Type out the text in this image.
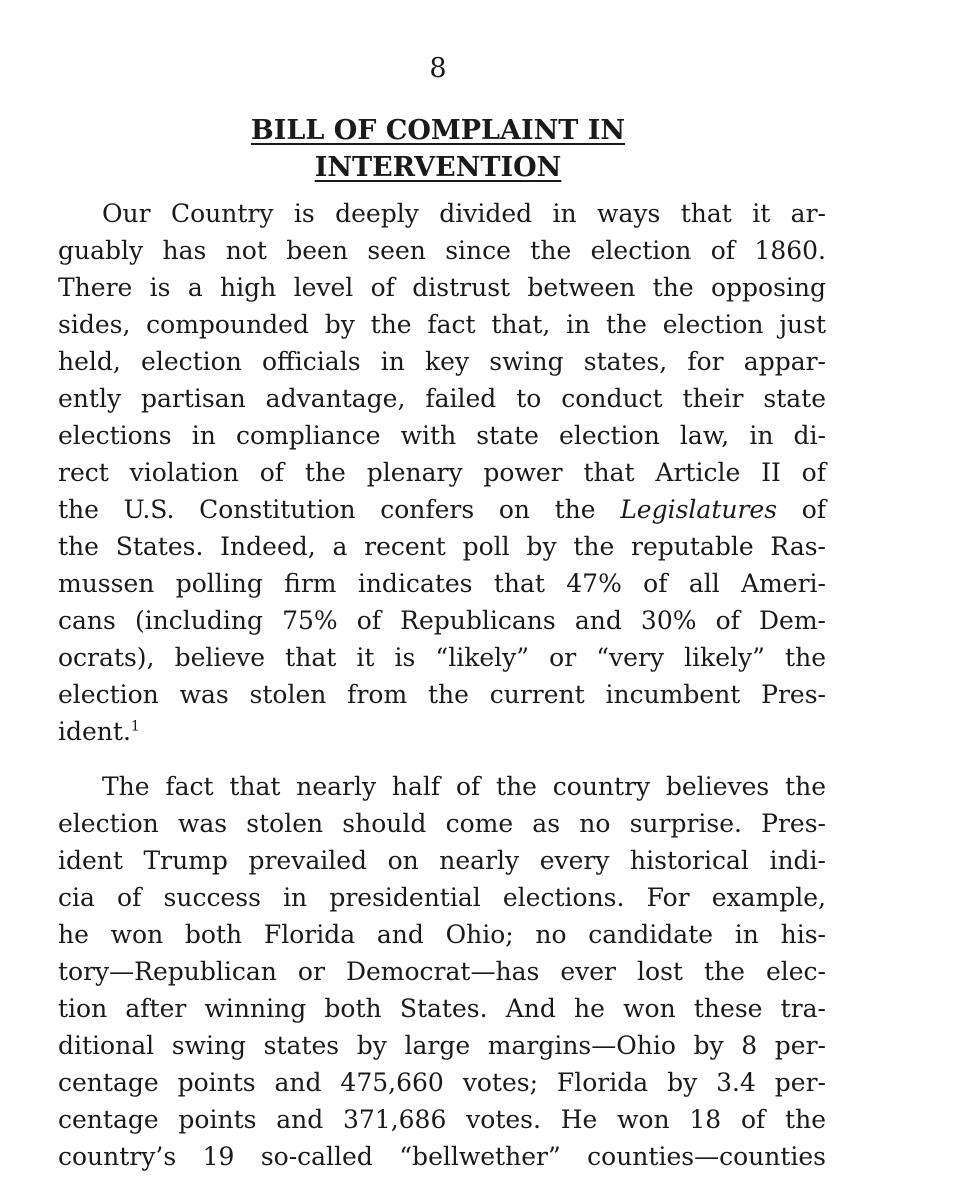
8
BILL OF COMPLAINT IN
INTERVENTION
Our Country is deeply divided in ways that it ar-
guably has not been seen since the election of 1860.
There is a high level of distrust between the opposing
sides, compounded by the fact that, in the election just
held, election officials in key swing states, for appar-
ently partisan advantage, failed to conduct their state
elections in compliance with state election law, in di-
rect violation of the plenary power that Article II of
the U.S. Constitution confers on the Legislatures of
the States. Indeed, a recent poll by the reputable Ras-
mussen polling firm indicates that 47% of all Ameri-
cans (including 75% of Republicans and 30% of Dem-
ocrats), believe that it is “likely” or “very likely” the
election was stolen from the current incumbent Pres-
ident.$^1$
The fact that nearly half of the country believes the
election was stolen should come as no surprise. Pres-
ident Trump prevailed on nearly every historical indi-
cia of success in presidential elections. For example,
he won both Florida and Ohio; no candidate in his-
tory—Republican or Democrat—has ever lost the elec-
tion after winning both States. And he won these tra-
ditional swing states by large margins—Ohio by 8 per-
centage points and 475,660 votes; Florida by 3.4 per-
centage points and 371,686 votes. He won 18 of the
country’s 19 so-called “bellwether” counties—counties
